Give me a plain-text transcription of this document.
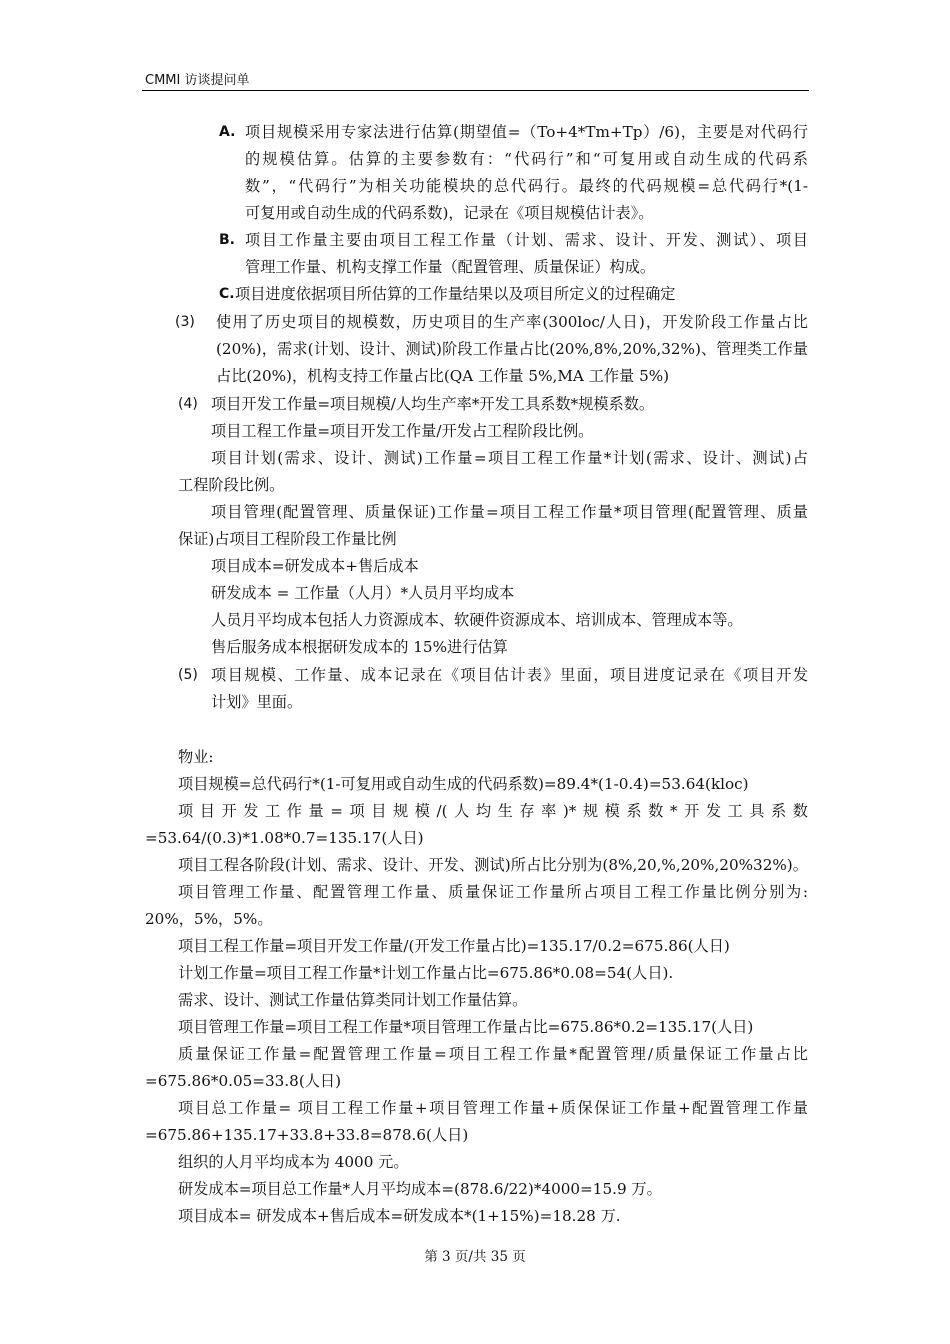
CMMI 访谈提问单
A. 项目规模采用专家法进行估算(期望值=（To+4*Tm+Tp）/6)，主要是对代码行
的规模估算。估算的主要参数有：“代码行”和“可复用或自动生成的代码系
数”，“代码行”为相关功能模块的总代码行。最终的代码规模=总代码行*(1-
可复用或自动生成的代码系数)，记录在《项目规模估计表》。
B. 项目工作量主要由项目工程工作量（计划、需求、设计、开发、测试）、项目
管理工作量、机构支撑工作量（配置管理、质量保证）构成。
C. 项目进度依据项目所估算的工作量结果以及项目所定义的过程确定
(3) 使用了历史项目的规模数，历史项目的生产率(300loc/人日)，开发阶段工作量占比
(20%)，需求(计划、设计、测试)阶段工作量占比(20%,8%,20%,32%)、管理类工作量
占比(20%)，机构支持工作量占比(QA 工作量 5%,MA 工作量 5%)
(4) 项目开发工作量=项目规模/人均生产率*开发工具系数*规模系数。
项目工程工作量=项目开发工作量/开发占工程阶段比例。
项目计划(需求、设计、测试)工作量=项目工程工作量*计划(需求、设计、测试)占
工程阶段比例。
项目管理(配置管理、质量保证)工作量=项目工程工作量*项目管理(配置管理、质量
保证)占项目工程阶段工作量比例
项目成本=研发成本+售后成本
研发成本 = 工作量（人月）*人员月平均成本
人员月平均成本包括人力资源成本、软硬件资源成本、培训成本、管理成本等。
售后服务成本根据研发成本的 15%进行估算
(5) 项目规模、工作量、成本记录在《项目估计表》里面，项目进度记录在《项目开发
计划》里面。
物业:
项目规模=总代码行*(1-可复用或自动生成的代码系数)=89.4*(1-0.4)=53.64(kloc)
项目开发工作量=项目规模/(人均生存率)*规模系数*开发工具系数
=53.64/(0.3)*1.08*0.7=135.17(人日)
项目工程各阶段(计划、需求、设计、开发、测试)所占比分别为(8%,20,%,20%,20%32%)。
项目管理工作量、配置管理工作量、质量保证工作量所占项目工程工作量比例分别为:
20%，5%，5%。
项目工程工作量=项目开发工作量/(开发工作量占比)=135.17/0.2=675.86(人日)
计划工作量=项目工程工作量*计划工作量占比=675.86*0.08=54(人日).
需求、设计、测试工作量估算类同计划工作量估算。
项目管理工作量=项目工程工作量*项目管理工作量占比=675.86*0.2=135.17(人日)
质量保证工作量=配置管理工作量=项目工程工作量*配置管理/质量保证工作量占比
=675.86*0.05=33.8(人日)
项目总工作量= 项目工程工作量+项目管理工作量+质保保证工作量+配置管理工作量
=675.86+135.17+33.8+33.8=878.6(人日)
组织的人月平均成本为 4000 元。
研发成本=项目总工作量*人月平均成本=(878.6/22)*4000=15.9 万。
项目成本= 研发成本+售后成本=研发成本*(1+15%)=18.28 万.
第 3 页/共 35 页
